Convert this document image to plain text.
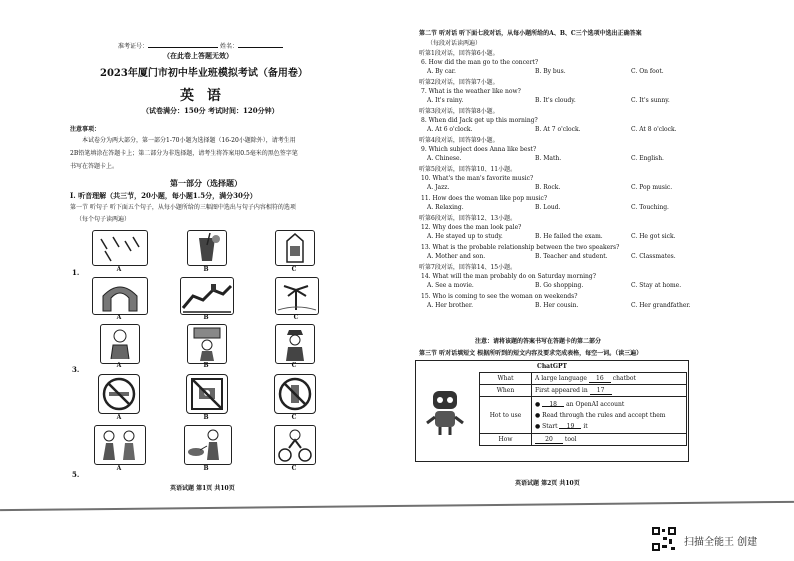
准考证号：	姓名：
（在此卷上答题无效）
2023年厦门市初中毕业班模拟考试（备用卷）
英 语
（试卷满分：150分 考试时间：120分钟）
注意事项：
本试卷分为两大部分，第一部分1-70小题为选择题（16-20小题除外），请考生用
2B铅笔填涂在答题卡上；第二部分为非选择题，请考生将答案用0.5毫米的黑色签字笔
书写在答题卡上。
第一部分（选择题）
I. 听音理解（共三节，20小题，每小题1.5分，满分30分）
第一节 听句子 听下面五个句子，从每小题所给的三幅图中选出与句子内容相符的选项
（每个句子读两遍）
1.	A	B	C
A	B	C
3.	A	B	C
A	B	C
5.
A	B	C
英语试题 第1页 共10页
第二节 听对话 听下面七段对话，从每小题所给的A、B、C三个选项中选出正确答案
（每段对话读两遍）
听第1段对话，回答第6小题。
6. How did the man go to the concert?
A. By car.	B. By bus.	C. On foot.
听第2段对话，回答第7小题。
7. What is the weather like now?
A. It's rainy.	B. It's cloudy.	C. It's sunny.
听第3段对话，回答第8小题。
8. When did Jack get up this morning?
A. At 6 o'clock.	B. At 7 o'clock.	C. At 8 o'clock.
听第4段对话，回答第9小题。
9. Which subject does Anna like best?
A. Chinese.	B. Math.	C. English.
听第5段对话，回答第10、11小题。
10. What's the man's favorite music?
A. Jazz.	B. Rock.	C. Pop music.
11. How does the woman like pop music?
A. Relaxing.	B. Loud.	C. Touching.
听第6段对话，回答第12、13小题。
12. Why does the man look pale?
A. He stayed up to study.	B. He failed the exam.	C. He got sick.
13. What is the probable relationship between the two speakers?
A. Mother and son.	B. Teacher and student.	C. Classmates.
听第7段对话，回答第14、15小题。
14. What will the man probably do on Saturday morning?
A. See a movie.	B. Go shopping.	C. Stay at home.
15. Who is coming to see the woman on weekends?
A. Her brother.	B. Her cousin.	C. Her grandfather.
注意：请将该题的答案书写在答题卡的第二部分
第三节 听对话填短文 根据所听到的短文内容及要求完成表格，每空一词。（读三遍）
ChatGPT
What	A large language 16 chatbot
When	First appeared in 17
Hot to use	● 18 an OpenAI account
● Read through the rules and accept them
● Start 19 it

How	20 tool
英语试题 第2页 共10页
扫描全能王 创建
